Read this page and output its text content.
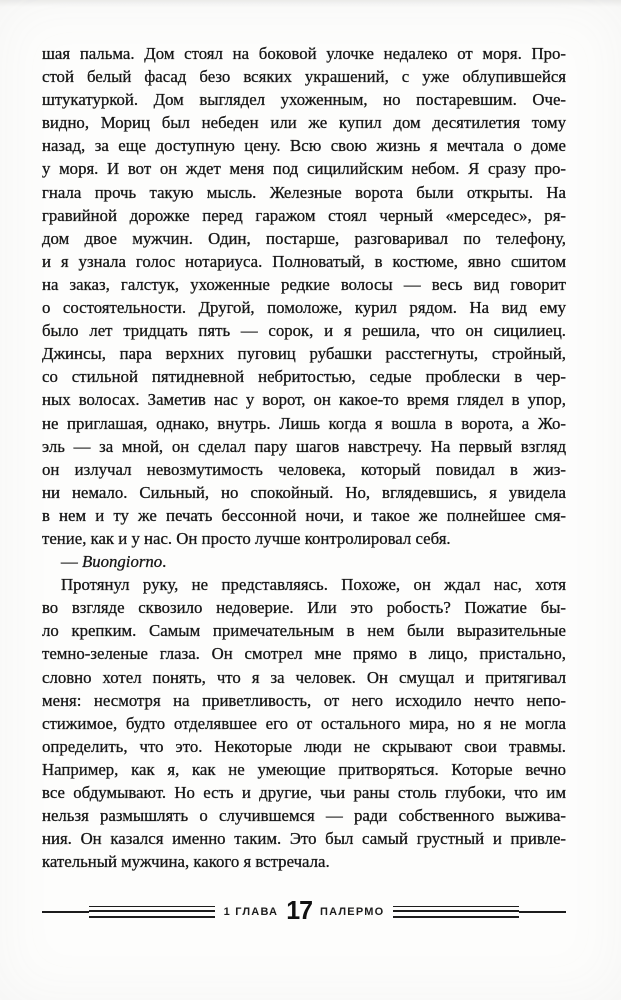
шая пальма. Дом стоял на боковой улочке недалеко от моря. Про-
стой белый фасад безо всяких украшений, с уже облупившейся
штукатуркой. Дом выглядел ухоженным, но постаревшим. Оче-
видно, Мориц был небеден или же купил дом десятилетия тому
назад, за еще доступную цену. Всю свою жизнь я мечтала о доме
у моря. И вот он ждет меня под сицилийским небом. Я сразу про-
гнала прочь такую мысль. Железные ворота были открыты. На
гравийной дорожке перед гаражом стоял черный «мерседес», ря-
дом двое мужчин. Один, постарше, разговаривал по телефону,
и я узнала голос нотариуса. Полноватый, в костюме, явно сшитом
на заказ, галстук, ухоженные редкие волосы — весь вид говорит
о состоятельности. Другой, помоложе, курил рядом. На вид ему
было лет тридцать пять — сорок, и я решила, что он сицилиец.
Джинсы, пара верхних пуговиц рубашки расстегнуты, стройный,
со стильной пятидневной небритостью, седые проблески в чер-
ных волосах. Заметив нас у ворот, он какое-то время глядел в упор,
не приглашая, однако, внутрь. Лишь когда я вошла в ворота, а Жо-
эль — за мной, он сделал пару шагов навстречу. На первый взгляд
он излучал невозмутимость человека, который повидал в жиз-
ни немало. Сильный, но спокойный. Но, вглядевшись, я увидела
в нем и ту же печать бессонной ночи, и такое же полнейшее смя-
тение, как и у нас. Он просто лучше контролировал себя.
— Buongiorno.
Протянул руку, не представляясь. Похоже, он ждал нас, хотя
во взгляде сквозило недоверие. Или это робость? Пожатие бы-
ло крепким. Самым примечательным в нем были выразительные
темно-зеленые глаза. Он смотрел мне прямо в лицо, пристально,
словно хотел понять, что я за человек. Он смущал и притягивал
меня: несмотря на приветливость, от него исходило нечто непо-
стижимое, будто отделявшее его от остального мира, но я не могла
определить, что это. Некоторые люди не скрывают свои травмы.
Например, как я, как не умеющие притворяться. Которые вечно
все обдумывают. Но есть и другие, чьи раны столь глубоки, что им
нельзя размышлять о случившемся — ради собственного выжива-
ния. Он казался именно таким. Это был самый грустный и привле-
кательный мужчина, какого я встречала.
1 ГЛАВА 17 ПАЛЕРМО
